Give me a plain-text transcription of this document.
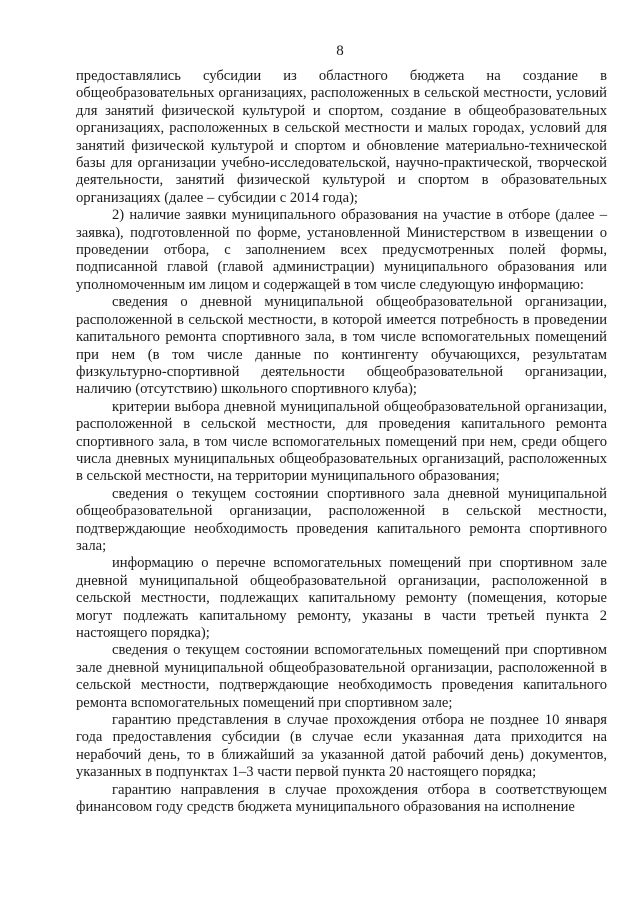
8

предоставлялись субсидии из областного бюджета на создание в общеобразовательных организациях, расположенных в сельской местности, условий для занятий физической культурой и спортом, создание в общеобразовательных организациях, расположенных в сельской местности и малых городах, условий для занятий физической культурой и спортом и обновление материально-технической базы для организации учебно-исследовательской, научно-практической, творческой деятельности, занятий физической культурой и спортом в образовательных организациях (далее – субсидии с 2014 года);

2) наличие заявки муниципального образования на участие в отборе (далее – заявка), подготовленной по форме, установленной Министерством в извещении о проведении отбора, с заполнением всех предусмотренных полей формы, подписанной главой (главой администрации) муниципального образования или уполномоченным им лицом и содержащей в том числе следующую информацию:

сведения о дневной муниципальной общеобразовательной организации, расположенной в сельской местности, в которой имеется потребность в проведении капитального ремонта спортивного зала, в том числе вспомогательных помещений при нем (в том числе данные по контингенту обучающихся, результатам физкультурно-спортивной деятельности общеобразовательной организации, наличию (отсутствию) школьного спортивного клуба);

критерии выбора дневной муниципальной общеобразовательной организации, расположенной в сельской местности, для проведения капитального ремонта спортивного зала, в том числе вспомогательных помещений при нем, среди общего числа дневных муниципальных общеобразовательных организаций, расположенных в сельской местности, на территории муниципального образования;

сведения о текущем состоянии спортивного зала дневной муниципальной общеобразовательной организации, расположенной в сельской местности, подтверждающие необходимость проведения капитального ремонта спортивного зала;

информацию о перечне вспомогательных помещений при спортивном зале дневной муниципальной общеобразовательной организации, расположенной в сельской местности, подлежащих капитальному ремонту (помещения, которые могут подлежать капитальному ремонту, указаны в части третьей пункта 2 настоящего порядка);

сведения о текущем состоянии вспомогательных помещений при спортивном зале дневной муниципальной общеобразовательной организации, расположенной в сельской местности, подтверждающие необходимость проведения капитального ремонта вспомогательных помещений при спортивном зале;

гарантию представления в случае прохождения отбора не позднее 10 января года предоставления субсидии (в случае если указанная дата приходится на нерабочий день, то в ближайший за указанной датой рабочий день) документов, указанных в подпунктах 1–3 части первой пункта 20 настоящего порядка;

гарантию направления в случае прохождения отбора в соответствующем финансовом году средств бюджета муниципального образования на исполнение
